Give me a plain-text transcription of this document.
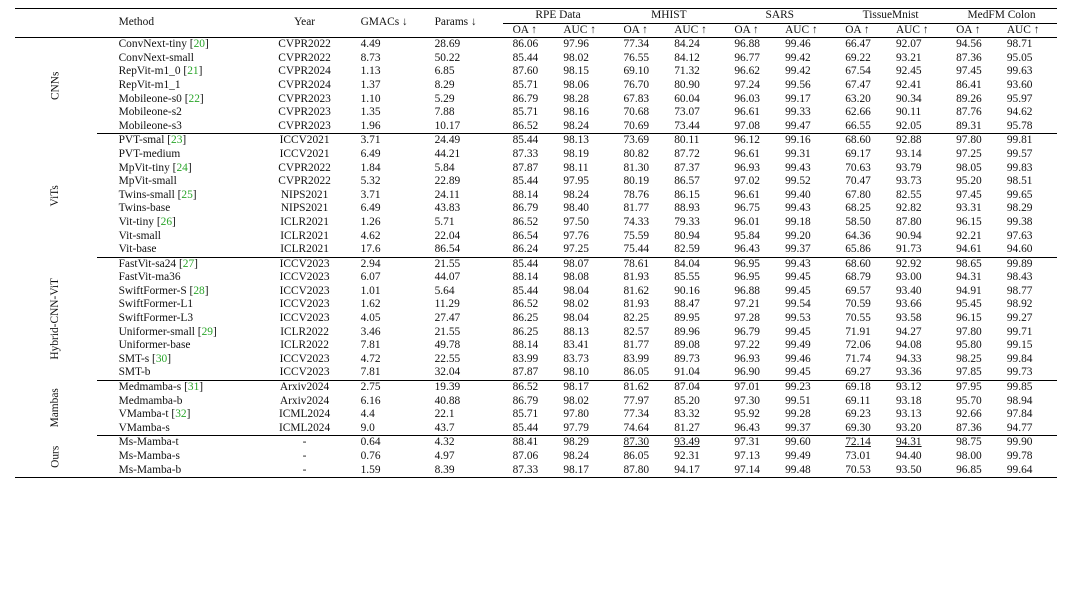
	Method	Year	GMACs ↓	Params ↓	RPE Data		MHIST		SARS		TissueMnist		MedFM Colon	
					OA ↑	AUC ↑	OA ↑	AUC ↑	OA ↑	AUC ↑	OA ↑	AUC ↑	OA ↑	AUC ↑
CNNs	ConvNext-tiny [20]	CVPR2022	4.49	28.69	86.06	97.96	77.34	84.24	96.88	99.46	66.47	92.07	94.56	98.71
	ConvNext-small	CVPR2022	8.73	50.22	85.44	98.02	76.55	84.12	96.77	99.42	69.22	93.21	87.36	95.05
	RepVit-m1_0 [21]	CVPR2024	1.13	6.85	87.60	98.15	69.10	71.32	96.62	99.42	67.54	92.45	97.45	99.63
	RepVit-m1_1	CVPR2024	1.37	8.29	85.71	98.06	76.70	80.90	97.24	99.56	67.47	92.41	86.41	93.60
	Mobileone-s0 [22]	CVPR2023	1.10	5.29	86.79	98.28	67.83	60.04	96.03	99.17	63.20	90.34	89.26	95.97
	Mobileone-s2	CVPR2023	1.35	7.88	85.71	98.16	70.68	73.07	96.61	99.33	62.66	90.11	87.76	94.62
	Mobileone-s3	CVPR2023	1.96	10.17	86.52	98.24	70.69	73.44	97.08	99.47	66.55	92.05	89.31	95.78
ViTs	PVT-smal [23]	ICCV2021	3.71	24.49	85.44	98.13	73.69	80.11	96.12	99.16	68.60	92.88	97.80	99.81
	PVT-medium	ICCV2021	6.49	44.21	87.33	98.19	80.82	87.72	96.61	99.31	69.17	93.14	97.25	99.57
	MpVit-tiny [24]	CVPR2022	1.84	5.84	87.87	98.11	81.30	87.37	96.93	99.43	70.63	93.79	98.05	99.83
	MpVit-small	CVPR2022	5.32	22.89	85.44	97.95	80.19	86.57	97.02	99.52	70.47	93.73	95.20	98.51
	Twins-small [25]	NIPS2021	3.71	24.11	88.14	98.24	78.76	86.15	96.61	99.40	67.80	82.55	97.45	99.65
	Twins-base	NIPS2021	6.49	43.83	86.79	98.40	81.77	88.93	96.75	99.43	68.25	92.82	93.31	98.29
	Vit-tiny [26]	ICLR2021	1.26	5.71	86.52	97.50	74.33	79.33	96.01	99.18	58.50	87.80	96.15	99.38
	Vit-small	ICLR2021	4.62	22.04	86.54	97.76	75.59	80.94	95.84	99.20	64.36	90.94	92.21	97.63
	Vit-base	ICLR2021	17.6	86.54	86.24	97.25	75.44	82.59	96.43	99.37	65.86	91.73	94.61	94.60
Hybrid-CNN-ViT	FastVit-sa24 [27]	ICCV2023	2.94	21.55	85.44	98.07	78.61	84.04	96.95	99.43	68.60	92.92	98.65	99.89
	FastVit-ma36	ICCV2023	6.07	44.07	88.14	98.08	81.93	85.55	96.95	99.45	68.79	93.00	94.31	98.43
	SwiftFormer-S [28]	ICCV2023	1.01	5.64	85.44	98.04	81.62	90.16	96.88	99.45	69.57	93.40	94.91	98.77
	SwiftFormer-L1	ICCV2023	1.62	11.29	86.52	98.02	81.93	88.47	97.21	99.54	70.59	93.66	95.45	98.92
	SwiftFormer-L3	ICCV2023	4.05	27.47	86.25	98.04	82.25	89.95	97.28	99.53	70.55	93.58	96.15	99.27
	Uniformer-small [29]	ICLR2022	3.46	21.55	86.25	88.13	82.57	89.96	96.79	99.45	71.91	94.27	97.80	99.71
	Uniformer-base	ICLR2022	7.81	49.78	88.14	83.41	81.77	89.08	97.22	99.49	72.06	94.08	95.80	99.15
	SMT-s [30]	ICCV2023	4.72	22.55	83.99	83.73	83.99	89.73	96.93	99.46	71.74	94.33	98.25	99.84
	SMT-b	ICCV2023	7.81	32.04	87.87	98.10	86.05	91.04	96.90	99.45	69.27	93.36	97.85	99.73
Mambas	Medmamba-s [31]	Arxiv2024	2.75	19.39	86.52	98.17	81.62	87.04	97.01	99.23	69.18	93.12	97.95	99.85
	Medmamba-b	Arxiv2024	6.16	40.88	86.79	98.02	77.97	85.20	97.30	99.51	69.11	93.18	95.70	98.94
	VMamba-t [32]	ICML2024	4.4	22.1	85.71	97.80	77.34	83.32	95.92	99.28	69.23	93.13	92.66	97.84
	VMamba-s	ICML2024	9.0	43.7	85.44	97.79	74.64	81.27	96.43	99.37	69.30	93.20	87.36	94.77
Ours	Ms-Mamba-t	-	0.64	4.32	88.41	98.29	87.30	93.49	97.31	99.60	72.14	94.31	98.75	99.90
	Ms-Mamba-s	-	0.76	4.97	87.06	98.24	86.05	92.31	97.13	99.49	73.01	94.40	98.00	99.78
	Ms-Mamba-b	-	1.59	8.39	87.33	98.17	87.80	94.17	97.14	99.48	70.53	93.50	96.85	99.64
